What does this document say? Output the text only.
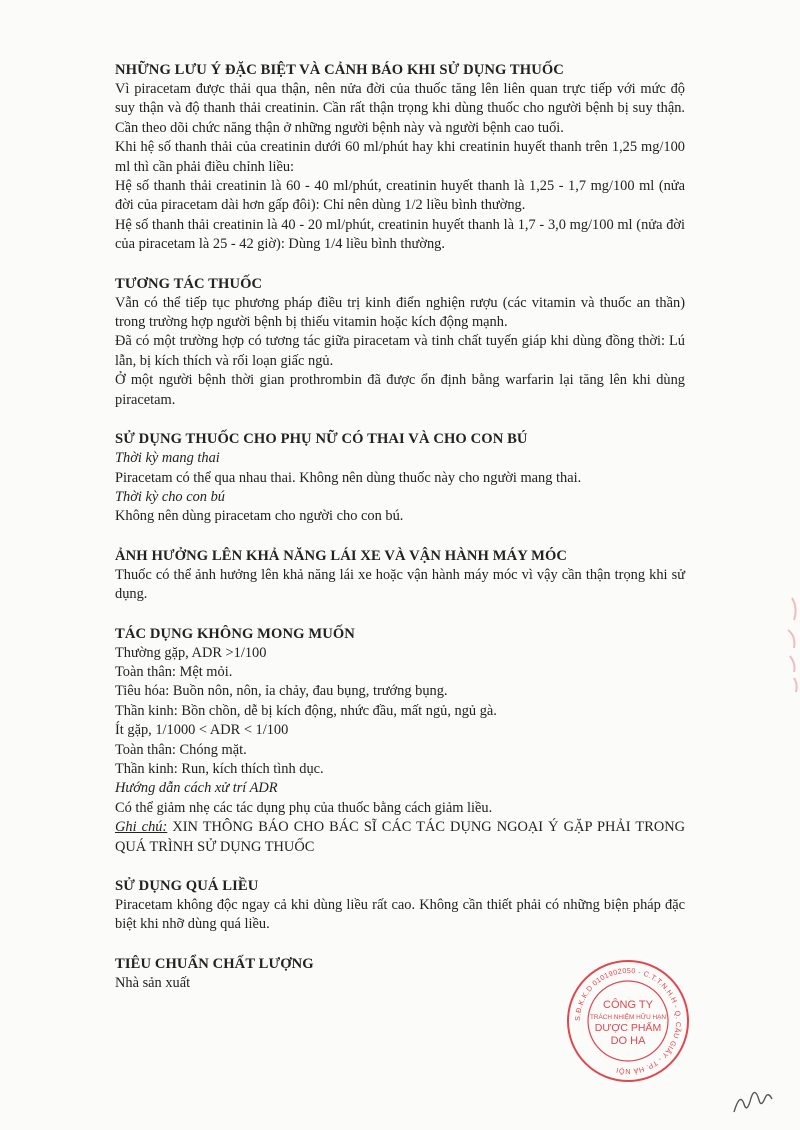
NHỮNG LƯU Ý ĐẶC BIỆT VÀ CẢNH BÁO KHI SỬ DỤNG THUỐC

Vì piracetam được thải qua thận, nên nửa đời của thuốc tăng lên liên quan trực tiếp với mức độ suy thận và độ thanh thải creatinin. Cần rất thận trọng khi dùng thuốc cho người bệnh bị suy thận. Cần theo dõi chức năng thận ở những người bệnh này và người bệnh cao tuổi.

Khi hệ số thanh thải của creatinin dưới 60 ml/phút hay khi creatinin huyết thanh trên 1,25 mg/100 ml thì cần phải điều chỉnh liều:

Hệ số thanh thải creatinin là 60 - 40 ml/phút, creatinin huyết thanh là 1,25 - 1,7 mg/100 ml (nửa đời của piracetam dài hơn gấp đôi): Chỉ nên dùng 1/2 liều bình thường.

Hệ số thanh thải creatinin là 40 - 20 ml/phút, creatinin huyết thanh là 1,7 - 3,0 mg/100 ml (nửa đời của piracetam là 25 - 42 giờ): Dùng 1/4 liều bình thường.

TƯƠNG TÁC THUỐC

Vẫn có thể tiếp tục phương pháp điều trị kinh điển nghiện rượu (các vitamin và thuốc an thần) trong trường hợp người bệnh bị thiếu vitamin hoặc kích động mạnh.

Đã có một trường hợp có tương tác giữa piracetam và tinh chất tuyến giáp khi dùng đồng thời: Lú lẫn, bị kích thích và rối loạn giấc ngủ.

Ở một người bệnh thời gian prothrombin đã được ổn định bằng warfarin lại tăng lên khi dùng piracetam.

SỬ DỤNG THUỐC CHO PHỤ NỮ CÓ THAI VÀ CHO CON BÚ

Thời kỳ mang thai

Piracetam có thể qua nhau thai. Không nên dùng thuốc này cho người mang thai.

Thời kỳ cho con bú

Không nên dùng piracetam cho người cho con bú.

ẢNH HƯỞNG LÊN KHẢ NĂNG LÁI XE VÀ VẬN HÀNH MÁY MÓC

Thuốc có thể ảnh hưởng lên khả năng lái xe hoặc vận hành máy móc vì vậy cần thận trọng khi sử dụng.

TÁC DỤNG KHÔNG MONG MUỐN

Thường gặp, ADR >1/100

Toàn thân: Mệt mỏi.

Tiêu hóa: Buồn nôn, nôn, ỉa chảy, đau bụng, trướng bụng.

Thần kinh: Bồn chồn, dễ bị kích động, nhức đầu, mất ngủ, ngủ gà.

Ít gặp, 1/1000 < ADR < 1/100

Toàn thân: Chóng mặt.

Thần kinh: Run, kích thích tình dục.

Hướng dẫn cách xử trí ADR

Có thể giảm nhẹ các tác dụng phụ của thuốc bằng cách giảm liều.

Ghi chú: XIN THÔNG BÁO CHO BÁC SĨ CÁC TÁC DỤNG NGOẠI Ý GẶP PHẢI TRONG QUÁ TRÌNH SỬ DỤNG THUỐC

SỬ DỤNG QUÁ LIỀU

Piracetam không độc ngay cả khi dùng liều rất cao. Không cần thiết phải có những biện pháp đặc biệt khi nhỡ dùng quá liều.

TIÊU CHUẨN CHẤT LƯỢNG

Nhà sản xuất

S.Đ.K.K.D 0101902050 - C.T.T.N.H.H - Q. CẦU GIẤY - TP. HÀ NỘI
CÔNG TY
TRÁCH NHIỆM HỮU HẠN
DƯỢC PHẨM
DO HA
